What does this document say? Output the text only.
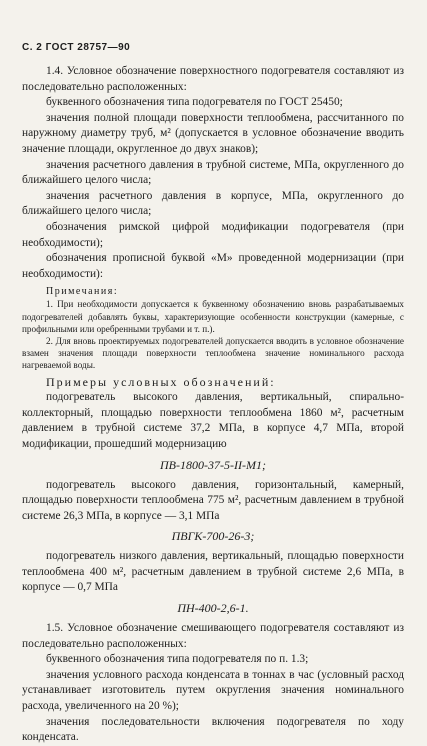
С. 2 ГОСТ 28757—90

1.4. Условное обозначение поверхностного подогревателя составляют из последовательно расположенных:

буквенного обозначения типа подогревателя по ГОСТ 25450;

значения полной площади поверхности теплообмена, рассчитанного по наружному диаметру труб, м² (допускается в условное обозначение вводить значение площади, округленное до двух знаков);

значения расчетного давления в трубной системе, МПа, округленного до ближайшего целого числа;

значения расчетного давления в корпусе, МПа, округленного до ближайшего целого числа;

обозначения римской цифрой модификации подогревателя (при необходимости);

обозначения прописной буквой «М» проведенной модернизации (при необходимости):

Примечания:

1. При необходимости допускается к буквенному обозначению вновь разрабатываемых подогревателей добавлять буквы, характеризующие особенности конструкции (камерные, с профильными или оребренными трубами и т. п.).

2. Для вновь проектируемых подогревателей допускается вводить в условное обозначение взамен значения площади поверхности теплообмена значение номинального расхода нагреваемой воды.

Примеры условных обозначений:

подогреватель высокого давления, вертикальный, спирально-коллекторный, площадью поверхности теплообмена 1860 м², расчетным давлением в трубной системе 37,2 МПа, в корпусе 4,7 МПа, второй модификации, прошедший модернизацию

ПВ-1800-37-5-II-М1;

подогреватель высокого давления, горизонтальный, камерный, площадью поверхности теплообмена 775 м², расчетным давлением в трубной системе 26,3 МПа, в корпусе — 3,1 МПа

ПВГК-700-26-3;

подогреватель низкого давления, вертикальный, площадью поверхности теплообмена 400 м², расчетным давлением в трубной системе 2,6 МПа, в корпусе — 0,7 МПа

ПН-400-2,6-1.

1.5. Условное обозначение смешивающего подогревателя составляют из последовательно расположенных:

буквенного обозначения типа подогревателя по п. 1.3;

значения условного расхода конденсата в тоннах в час (условный расход устанавливает изготовитель путем округления значения номинального расхода, увеличенного на 20 %);

значения последовательности включения подогревателя по ходу конденсата.
